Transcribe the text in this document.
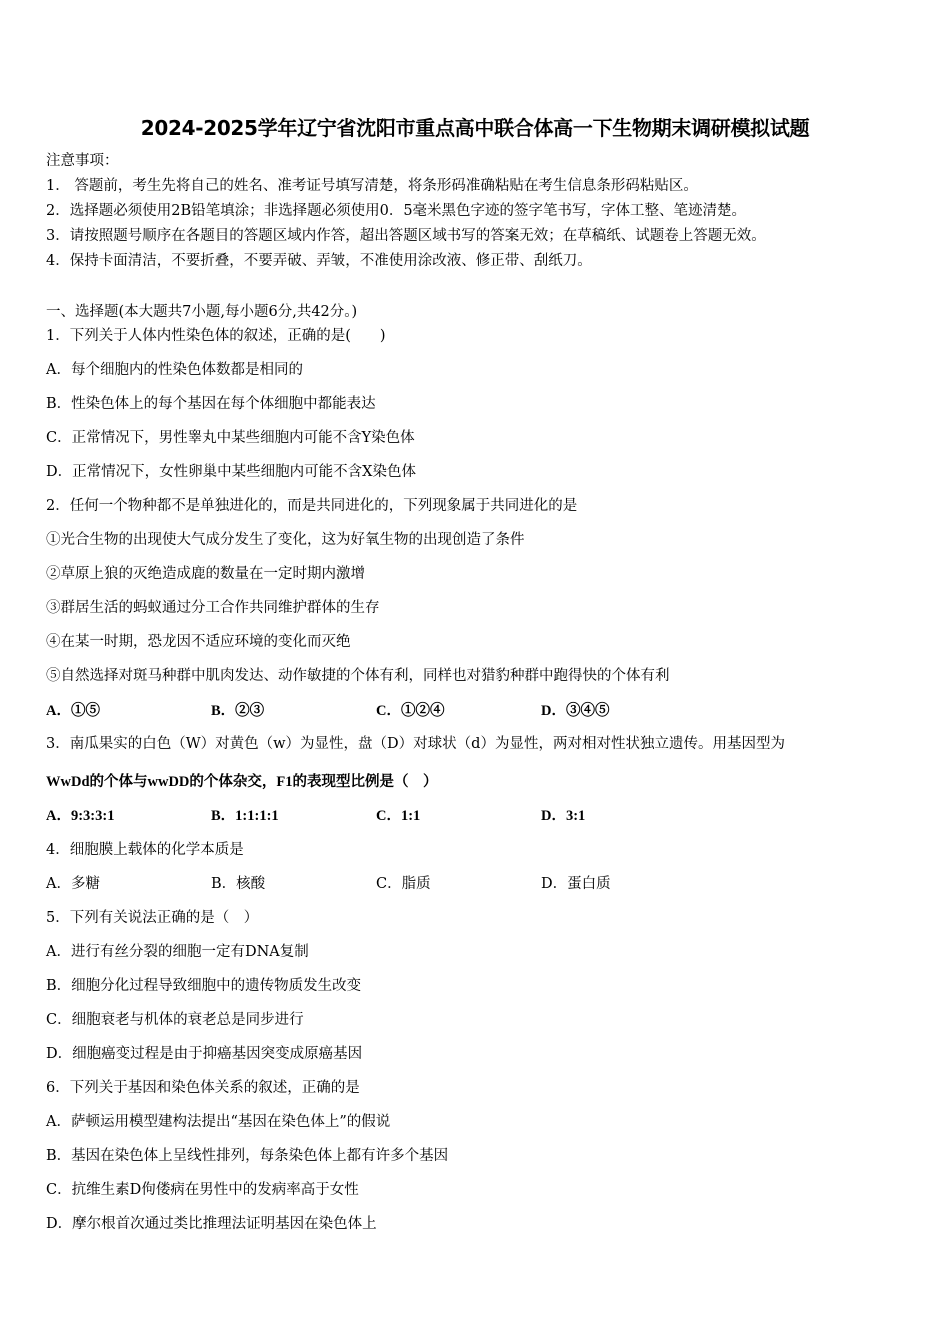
2024-2025学年辽宁省沈阳市重点高中联合体高一下生物期末调研模拟试题
注意事项：
1． 答题前，考生先将自己的姓名、准考证号填写清楚，将条形码准确粘贴在考生信息条形码粘贴区。
2．选择题必须使用2B铅笔填涂；非选择题必须使用0．5毫米黑色字迹的签字笔书写，字体工整、笔迹清楚。
3．请按照题号顺序在各题目的答题区域内作答，超出答题区域书写的答案无效；在草稿纸、试题卷上答题无效。
4．保持卡面清洁，不要折叠，不要弄破、弄皱，不准使用涂改液、修正带、刮纸刀。
一、选择题(本大题共7小题,每小题6分,共42分。)
1．下列关于人体内性染色体的叙述，正确的是(　　)
A．每个细胞内的性染色体数都是相同的
B．性染色体上的每个基因在每个体细胞中都能表达
C．正常情况下，男性睾丸中某些细胞内可能不含Y染色体
D．正常情况下，女性卵巢中某些细胞内可能不含X染色体
2．任何一个物种都不是单独进化的，而是共同进化的，下列现象属于共同进化的是
①光合生物的出现使大气成分发生了变化，这为好氧生物的出现创造了条件
②草原上狼的灭绝造成鹿的数量在一定时期内激增
③群居生活的蚂蚁通过分工合作共同维护群体的生存
④在某一时期，恐龙因不适应环境的变化而灭绝
⑤自然选择对斑马种群中肌肉发达、动作敏捷的个体有利，同样也对猎豹种群中跑得快的个体有利
A．①⑤	B．②③	C．①②④	D．③④⑤
3．南瓜果实的白色（W）对黄色（w）为显性，盘（D）对球状（d）为显性，两对相对性状独立遗传。用基因型为
WwDd的个体与wwDD的个体杂交，F1的表现型比例是（　）
A．9:3:3:1	B．1:1:1:1	C．1:1	D．3:1
4．细胞膜上载体的化学本质是
A．多糖	B．核酸	C．脂质	D．蛋白质
5．下列有关说法正确的是（　）
A．进行有丝分裂的细胞一定有DNA复制
B．细胞分化过程导致细胞中的遗传物质发生改变
C．细胞衰老与机体的衰老总是同步进行
D．细胞癌变过程是由于抑癌基因突变成原癌基因
6．下列关于基因和染色体关系的叙述，正确的是
A．萨顿运用模型建构法提出“基因在染色体上”的假说
B．基因在染色体上呈线性排列，每条染色体上都有许多个基因
C．抗维生素D佝偻病在男性中的发病率高于女性
D．摩尔根首次通过类比推理法证明基因在染色体上
